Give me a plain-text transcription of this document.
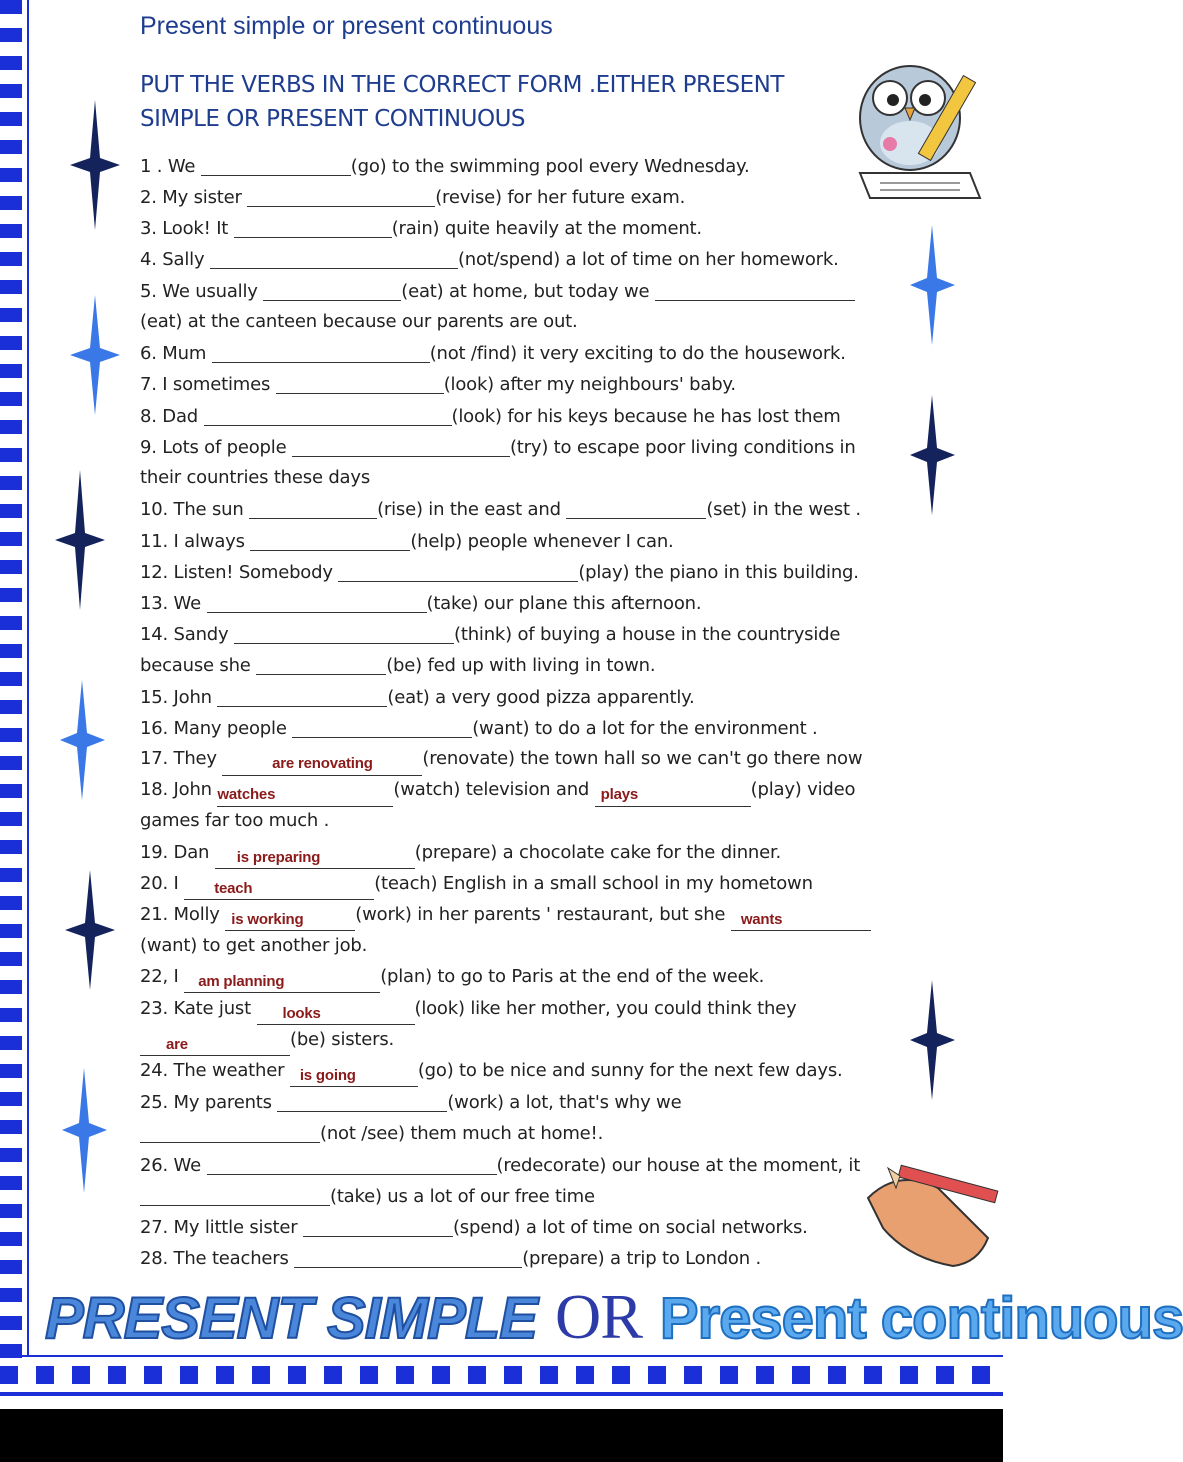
Present simple or present continuous
PUT THE VERBS IN THE CORRECT FORM .EITHER PRESENT
SIMPLE OR PRESENT CONTINUOUS
1 . We	(go) to the swimming pool every Wednesday.
2. My sister	(revise) for her future exam.
3. Look! It	(rain) quite heavily at the moment.
4. Sally	(not/spend) a lot of time on her homework.
5. We usually	(eat) at home, but today we
(eat) at the canteen because our parents are out.
6. Mum	(not /find) it very exciting to do the housework.
7. I sometimes	(look) after my neighbours' baby.
8. Dad	(look) for his keys because he has lost them
9. Lots of people	(try) to escape poor living conditions in
their countries these days
10. The sun	(rise) in the east and	(set) in the west .
11. I always	(help) people whenever I can.
12. Listen! Somebody	(play) the piano in this building.
13. We	(take) our plane this afternoon.
14. Sandy	(think) of buying a house in the countryside
because she	(be) fed up with living in town.
15. John	(eat) a very good pizza apparently.
16. Many people	(want) to do a lot for the environment .
17. They	are renovating	(renovate) the town hall so we can't go there now
18. John watches	(watch) television and plays	(play) video
games far too much .
19. Dan is preparing	(prepare) a chocolate cake for the dinner.
20. I teach	(teach) English in a small school in my hometown
21. Molly is working	(work) in her parents ' restaurant, but she wants
(want) to get another job.
22, I am planning	(plan) to go to Paris at the end of the week.
23. Kate just looks	(look) like her mother, you could think they
are	(be) sisters.
24. The weather is going	(go) to be nice and sunny for the next few days.
25. My parents	(work) a lot, that's why we
(not /see) them much at home!.
26. We	(redecorate) our house at the moment, it
(take) us a lot of our free time
27. My little sister	(spend) a lot of time on social networks.
28. The teachers	(prepare) a trip to London .
PRESENT SIMPLE OR Present continuous
